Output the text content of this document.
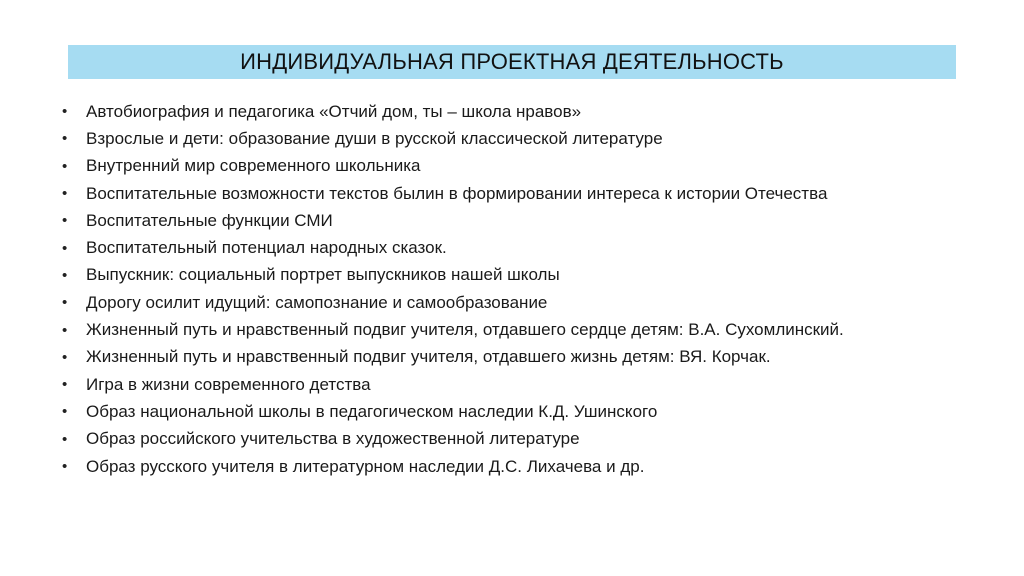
ИНДИВИДУАЛЬНАЯ ПРОЕКТНАЯ ДЕЯТЕЛЬНОСТЬ
•	Автобиография и педагогика «Отчий дом, ты – школа нравов»
•	Взрослые и дети: образование души в русской классической литературе
•	Внутренний мир современного школьника
•	Воспитательные возможности текстов былин в формировании интереса к истории Отечества
•	Воспитательные функции СМИ
•	Воспитательный потенциал народных сказок.
•	Выпускник: социальный портрет выпускников нашей школы
•	Дорогу осилит идущий: самопознание и самообразование
•	Жизненный путь и нравственный подвиг учителя, отдавшего сердце детям: В.А. Сухомлинский.
•	Жизненный путь и нравственный подвиг учителя, отдавшего жизнь детям: ВЯ. Корчак.
•	Игра в жизни современного детства
•	Образ национальной школы в педагогическом наследии К.Д. Ушинского
•	Образ российского учительства в художественной литературе
•	Образ русского учителя в литературном наследии Д.С. Лихачева и др.
